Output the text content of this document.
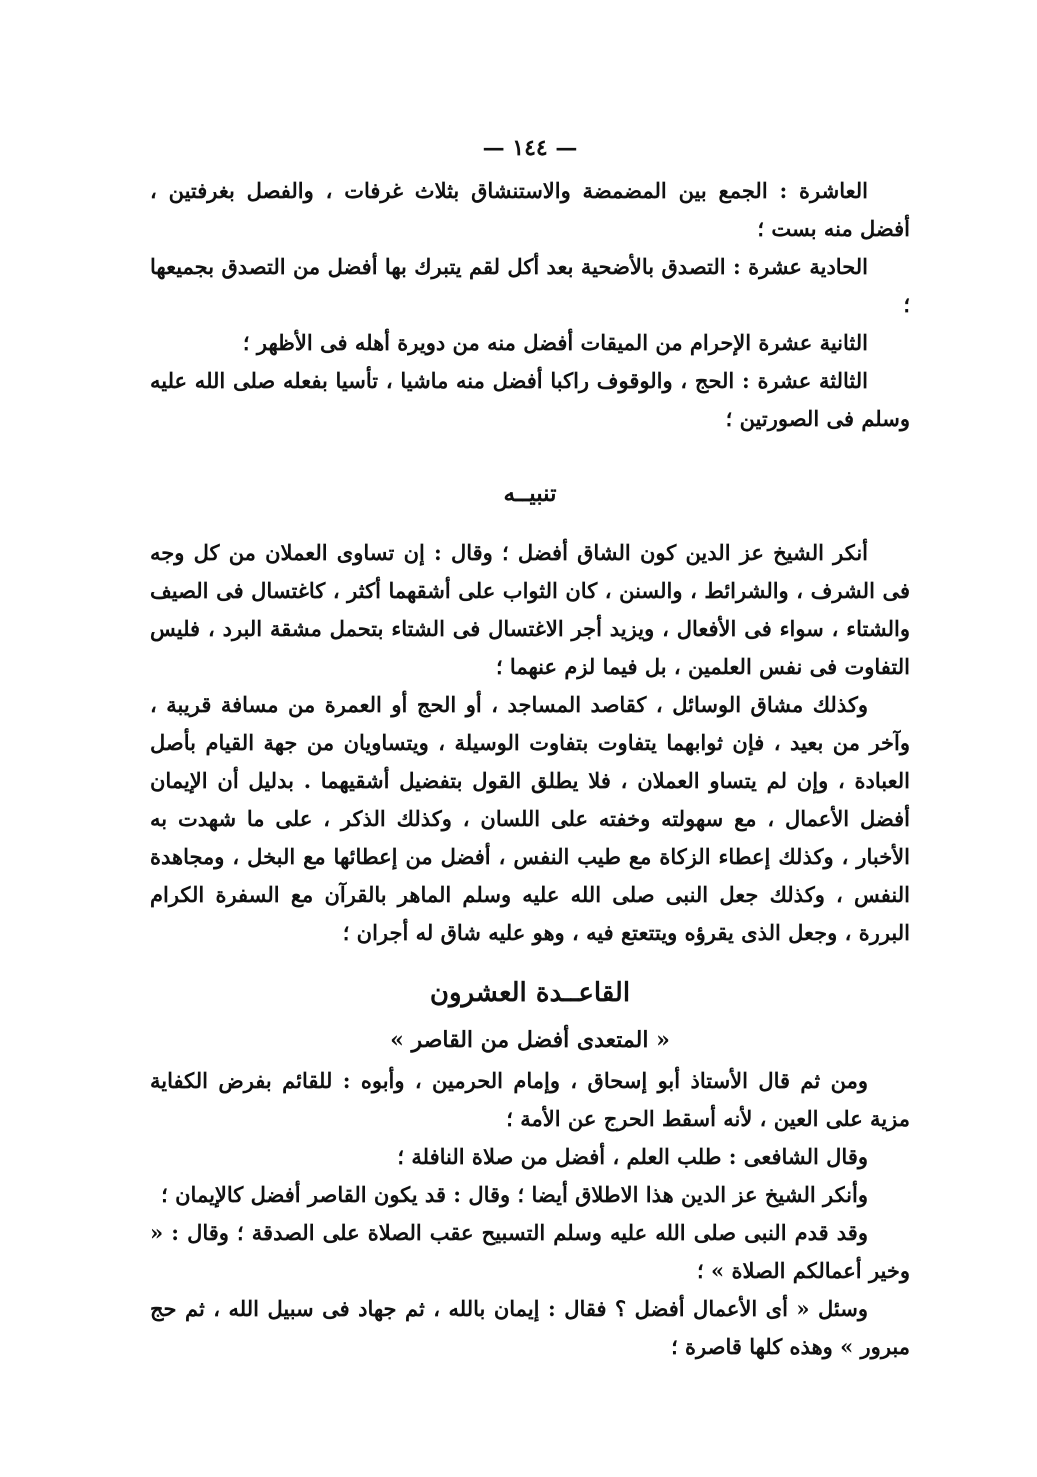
— ١٤٤ —

العاشرة : الجمع بين المضمضة والاستنشاق بثلاث غرفات ، والفصل بغرفتين ، أفضل منه بست ؛

الحادية عشرة : التصدق بالأضحية بعد أكل لقم يتبرك بها أفضل من التصدق بجميعها ؛

الثانية عشرة الإحرام من الميقات أفضل منه من دويرة أهله فى الأظهر ؛

الثالثة عشرة : الحج ، والوقوف راكبا أفضل منه ماشيا ، تأسيا بفعله صلى الله عليه وسلم فى الصورتين ؛

تنبيــه

أنكر الشيخ عز الدين كون الشاق أفضل ؛ وقال : إن تساوى العملان من كل وجه فى الشرف ، والشرائط ، والسنن ، كان الثواب على أشقهما أكثر ، كاغتسال فى الصيف والشتاء ، سواء فى الأفعال ، ويزيد أجر الاغتسال فى الشتاء بتحمل مشقة البرد ، فليس التفاوت فى نفس العلمين ، بل فيما لزم عنهما ؛

وكذلك مشاق الوسائل ، كقاصد المساجد ، أو الحج أو العمرة من مسافة قريبة ، وآخر من بعيد ، فإن ثوابهما يتفاوت بتفاوت الوسيلة ، ويتساويان من جهة القيام بأصل العبادة ، وإن لم يتساو العملان ، فلا يطلق القول بتفضيل أشقيهما . بدليل أن الإيمان أفضل الأعمال ، مع سهولته وخفته على اللسان ، وكذلك الذكر ، على ما شهدت به الأخبار ، وكذلك إعطاء الزكاة مع طيب النفس ، أفضل من إعطائها مع البخل ، ومجاهدة النفس ، وكذلك جعل النبى صلى الله عليه وسلم الماهر بالقرآن مع السفرة الكرام البررة ، وجعل الذى يقرؤه ويتتعتع فيه ، وهو عليه شاق له أجران ؛

القاعــدة العشرون
« المتعدى أفضل من القاصر »

ومن ثم قال الأستاذ أبو إسحاق ، وإمام الحرمين ، وأبوه : للقائم بفرض الكفاية مزية على العين ، لأنه أسقط الحرج عن الأمة ؛

وقال الشافعى : طلب العلم ، أفضل من صلاة النافلة ؛

وأنكر الشيخ عز الدين هذا الاطلاق أيضا ؛ وقال : قد يكون القاصر أفضل كالإيمان ؛

وقد قدم النبى صلى الله عليه وسلم التسبيح عقب الصلاة على الصدقة ؛ وقال : « وخير أعمالكم الصلاة » ؛

وسئل « أى الأعمال أفضل ؟ فقال : إيمان بالله ، ثم جهاد فى سبيل الله ، ثم حج مبرور » وهذه كلها قاصرة ؛
